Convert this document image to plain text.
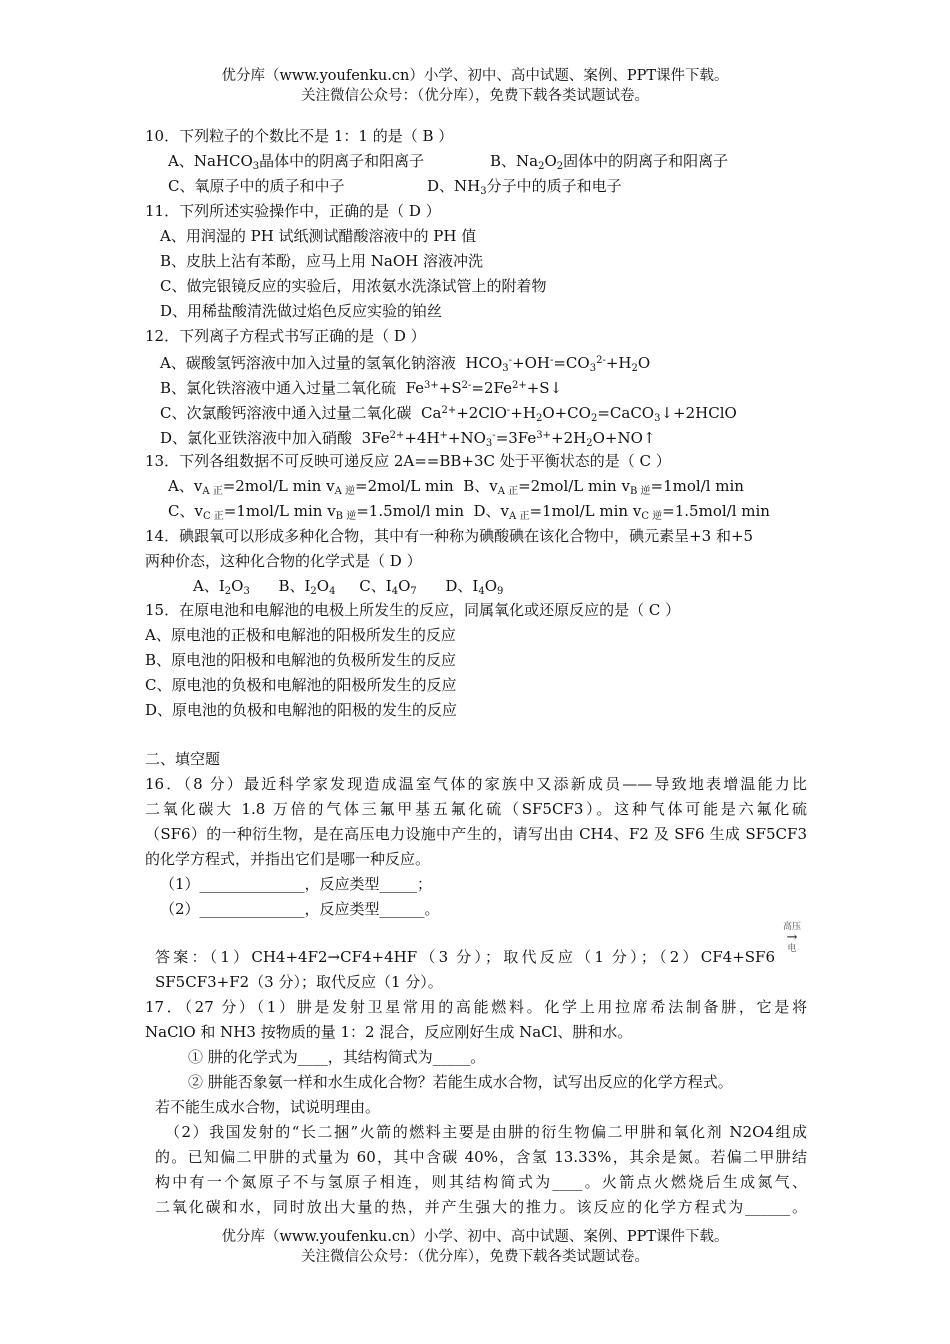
优分库（www.youfenku.cn）小学、初中、高中试题、案例、PPT课件下载。
关注微信公众号：（优分库），免费下载各类试题试卷。
10．下列粒子的个数比不是 1：1 的是（ B ）
A、NaHCO$_3$晶体中的阴离子和阳离子	B、$Na_2O_2$固体中的阴离子和阳离子
C、氧原子中的质子和中子	D、$NH_3$分子中的质子和电子
11．下列所述实验操作中，正确的是（ D ）
A、用润湿的 PH 试纸测试醋酸溶液中的 PH 值
B、皮肤上沾有苯酚，应马上用 NaOH 溶液冲洗
C、做完银镜反应的实验后，用浓氨水洗涤试管上的附着物
D、用稀盐酸清洗做过焰色反应实验的铂丝
12．下列离子方程式书写正确的是（ D ）
A、碳酸氢钙溶液中加入过量的氢氧化钠溶液  $HCO_3^-+OH^-=CO_3^{2-}+H_2O$
B、氯化铁溶液中通入过量二氧化硫  $Fe^{3+}+S^{2-}=2Fe^{2+}+S↓$
C、次氯酸钙溶液中通入过量二氧化碳  $Ca^{2+}+2ClO^-+H_2O+CO_2=CaCO_3↓+2HClO$
D、氯化亚铁溶液中加入硝酸  $3Fe^{2+}+4H^++NO_3^-=3Fe^{3+}+2H_2O+NO↑$
13．下列各组数据不可反映可递反应 2A==BB+3C 处于平衡状态的是（ C ）
A、$v_{A 正}=2mol/L$ $\min v_{A 逆}=2mol/L$ min B、$v_{A 正}=2mol/L$ $\min v_{B 逆}=1mol/l$ min
C、$v_{C 正}=1mol/L$ $\min v_{B 逆}=1.5mol/l$ min D、$v_{A 正}=1mol/L$ $\min v_{C 逆}=1.5mol/l$ min
14．碘跟氧可以形成多种化合物，其中有一种称为碘酸碘在该化合物中，碘元素呈+3 和+5
两种价态，这种化合物的化学式是（ D ）
A、$I_2O_3$ B、$I_2O_4$ C、$I_4O_7$ D、$I_4O_9$
15．在原电池和电解池的电极上所发生的反应，同属氧化或还原反应的是（ C ）
A、原电池的正极和电解池的阳极所发生的反应
B、原电池的阳极和电解池的负极所发生的反应
C、原电池的负极和电解池的阳极所发生的反应
D、原电池的负极和电解池的阳极的发生的反应
二、填空题
16．（8 分）最近科学家发现造成温室气体的家族中又添新成员——导致地表增温能力比
二氧化碳大 1.8 万倍的气体三氟甲基五氟化硫（SF5CF3）。这种气体可能是六氟化硫
（SF6）的一种衍生物，是在高压电力设施中产生的，请写出由 CH4、F2 及 SF6 生成 SF5CF3
的化学方程式，并指出它们是哪一种反应。
（1）______________，反应类型_____；
（2）______________，反应类型______。
高压
→
电
答案：（1）CH4+4F2→CF4+4HF（3 分）；取代反应（1 分）；（2）CF4+SF6
SF5CF3+F2（3 分）；取代反应（1 分）。
17．（27 分）（1）肼是发射卫星常用的高能燃料。化学上用拉席希法制备肼，它是将
NaClO 和 NH3 按物质的量 1：2 混合，反应刚好生成 NaCl、肼和水。
① 肼的化学式为____，其结构简式为_____。
② 肼能否象氨一样和水生成化合物？若能生成水合物，试写出反应的化学方程式。
若不能生成水合物，试说明理由。
（2）我国发射的“长二捆”火箭的燃料主要是由肼的衍生物偏二甲肼和氧化剂 N2O4组成
的。已知偏二甲肼的式量为 60，其中含碳 40%，含氢 13.33%，其余是氮。若偏二甲肼结
构中有一个氮原子不与氢原子相连，则其结构简式为____。火箭点火燃烧后生成氮气、
二氧化碳和水，同时放出大量的热，并产生强大的推力。该反应的化学方程式为______。
优分库（www.youfenku.cn）小学、初中、高中试题、案例、PPT课件下载。
关注微信公众号：（优分库），免费下载各类试题试卷。
